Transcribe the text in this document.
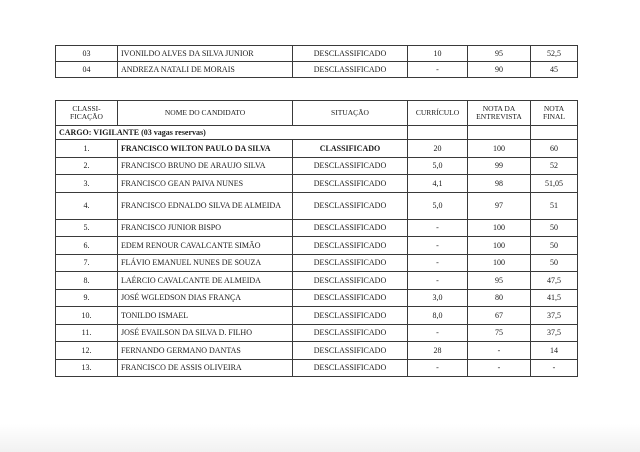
03	IVONILDO ALVES DA SILVA JUNIOR	DESCLASSIFICADO	10	95	52,5
04	ANDREZA NATALI DE MORAIS	DESCLASSIFICADO	-	90	45
CLASSI-FICAÇÃO	NOME DO CANDIDATO	SITUAÇÃO	CURRÍCULO	NOTA DA ENTREVISTA	NOTA FINAL
CARGO: VIGILANTE (03 vagas reservas)					
1.	FRANCISCO WILTON PAULO DA SILVA	CLASSIFICADO	20	100	60
2.	FRANCISCO BRUNO DE ARAUJO SILVA	DESCLASSIFICADO	5,0	99	52
3.	FRANCISCO GEAN PAIVA NUNES	DESCLASSIFICADO	4,1	98	51,05
4.	FRANCISCO EDNALDO SILVA DE ALMEIDA	DESCLASSIFICADO	5,0	97	51
5.	FRANCISCO JUNIOR BISPO	DESCLASSIFICADO	-	100	50
6.	EDEM RENOUR CAVALCANTE SIMÃO	DESCLASSIFICADO	-	100	50
7.	FLÁVIO EMANUEL NUNES DE SOUZA	DESCLASSIFICADO	-	100	50
8.	LAÉRCIO CAVALCANTE DE ALMEIDA	DESCLASSIFICADO	-	95	47,5
9.	JOSÉ WGLEDSON DIAS FRANÇA	DESCLASSIFICADO	3,0	80	41,5
10.	TONILDO ISMAEL	DESCLASSIFICADO	8,0	67	37,5
11.	JOSÉ EVAILSON DA SILVA D. FILHO	DESCLASSIFICADO	-	75	37,5
12.	FERNANDO GERMANO DANTAS	DESCLASSIFICADO	28	-	14
13.	FRANCISCO DE ASSIS OLIVEIRA	DESCLASSIFICADO	-	-	-
